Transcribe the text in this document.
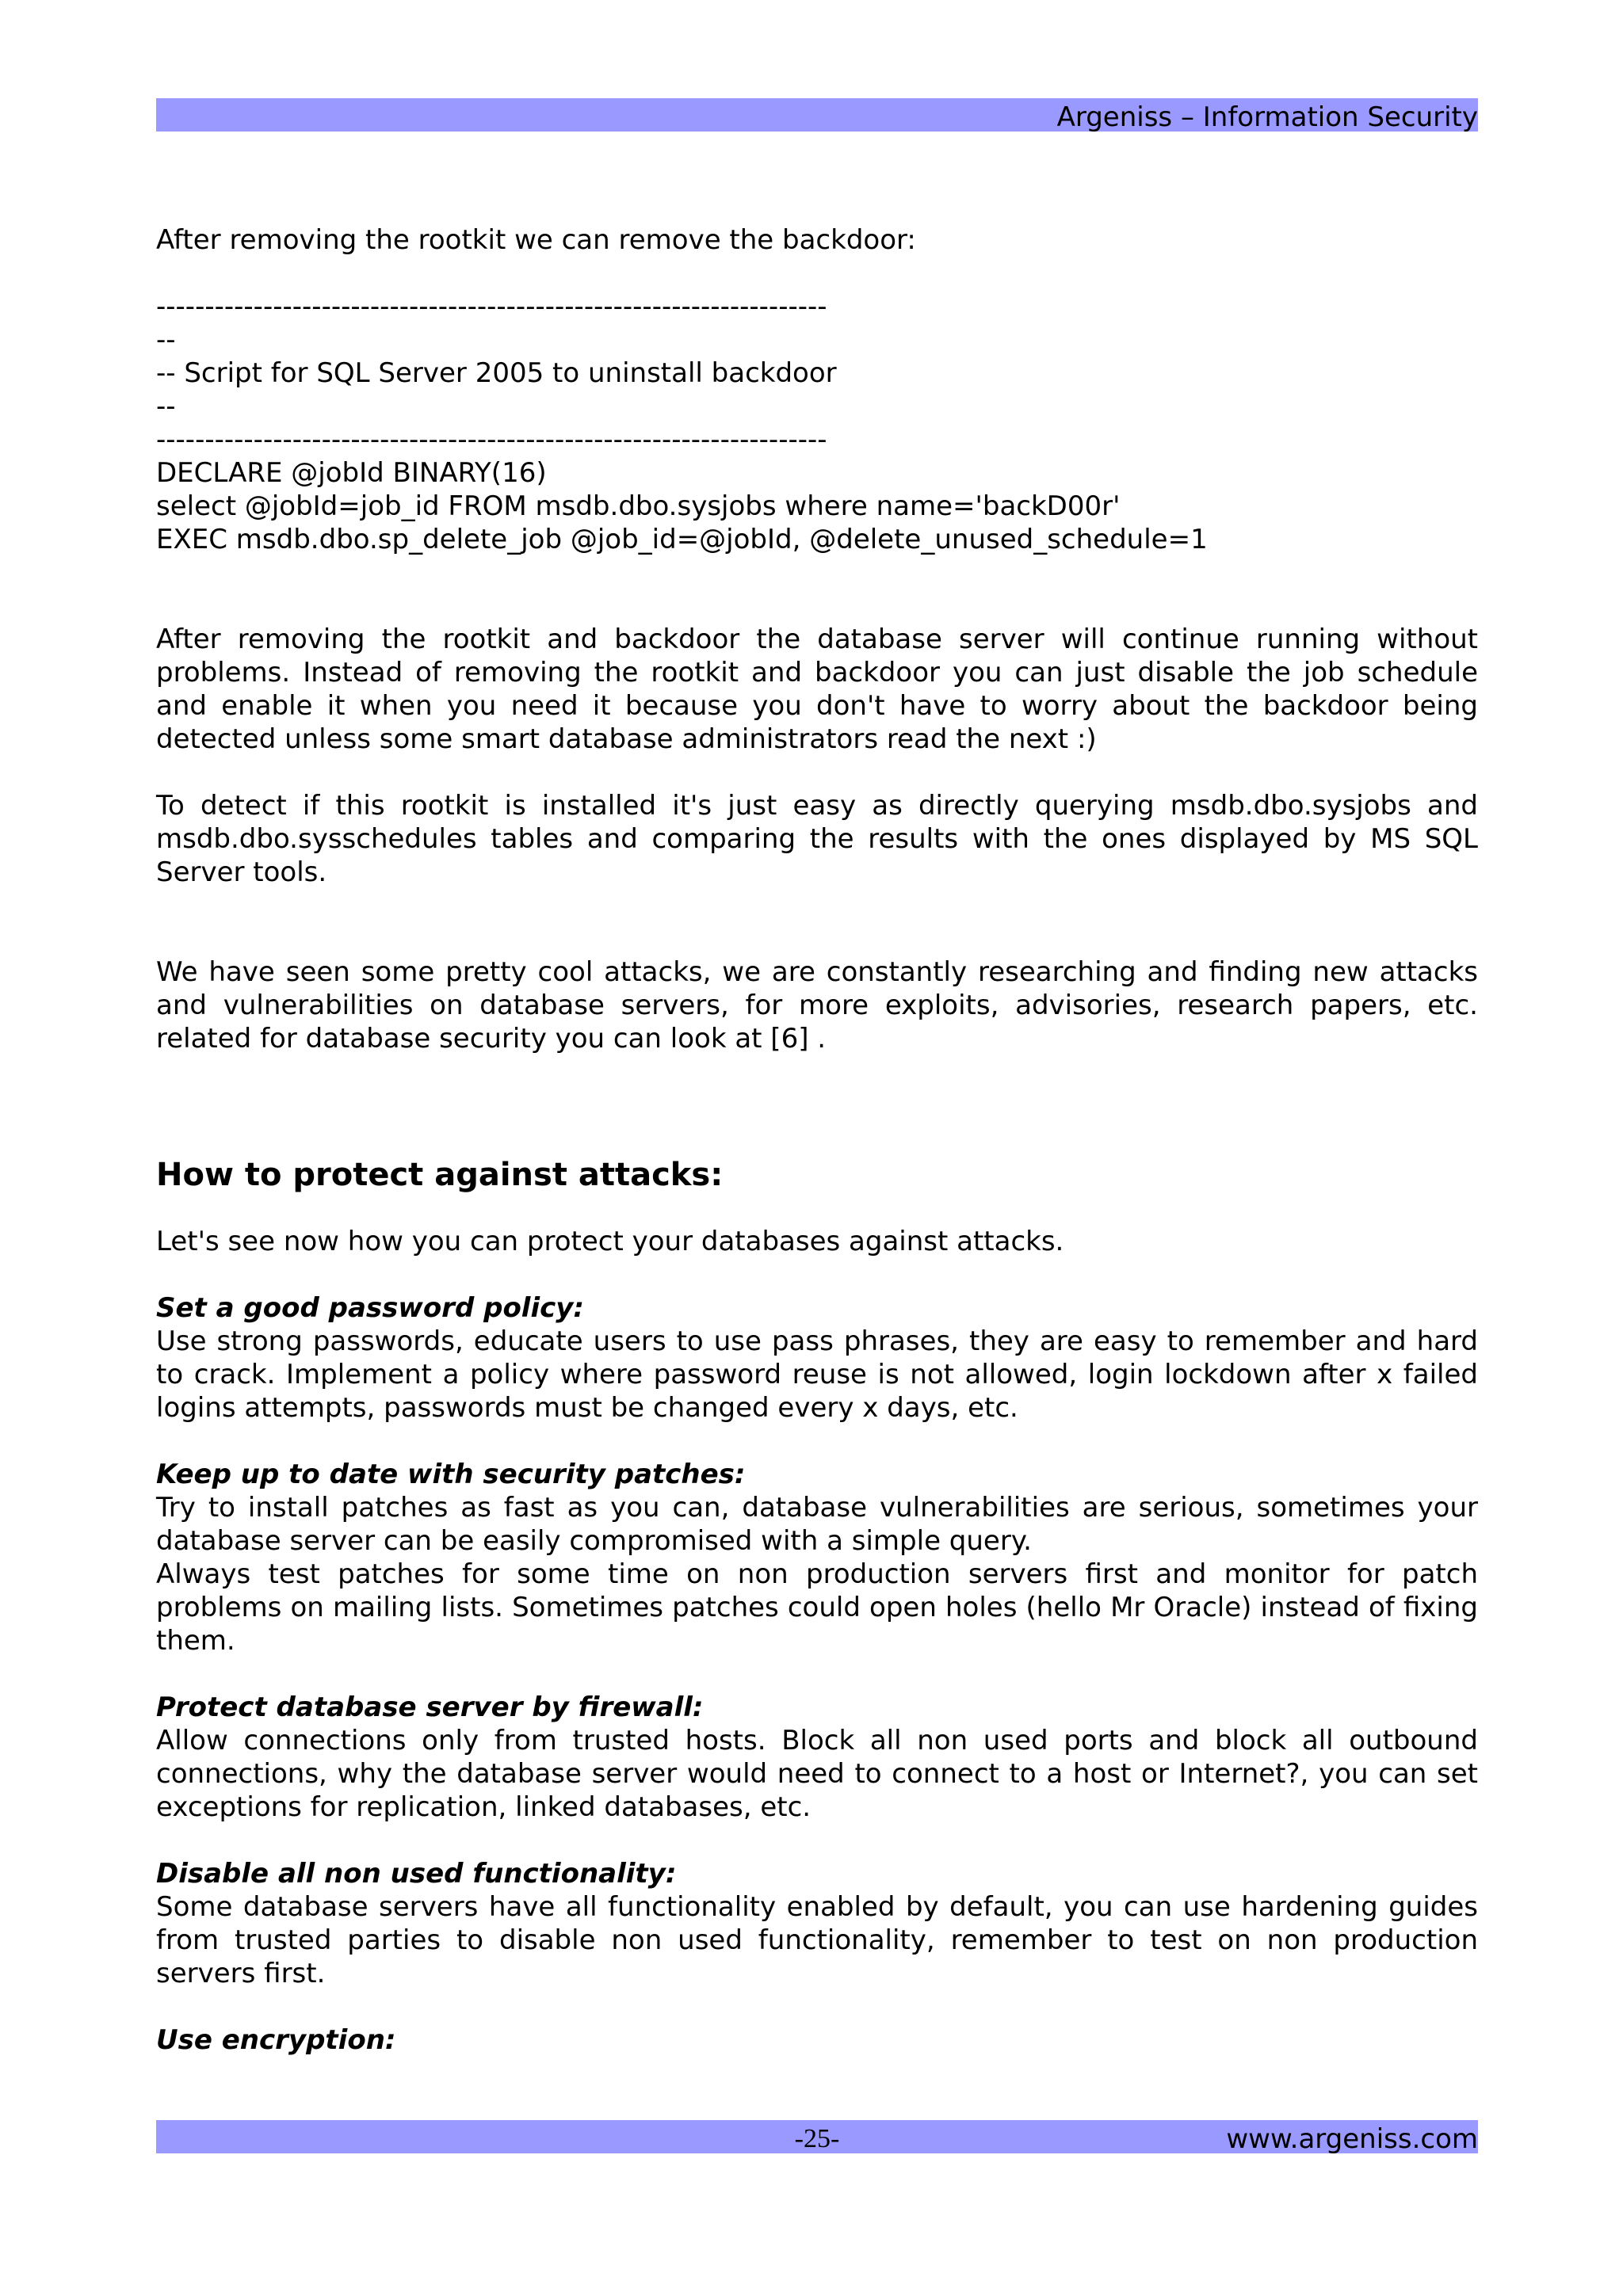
Argeniss – Information Security

After removing the rootkit we can remove the backdoor:

---------------------------------------------------------------------

--

-- Script for SQL Server 2005 to uninstall backdoor

--

---------------------------------------------------------------------

DECLARE @jobId BINARY(16)

select @jobId=job_id FROM msdb.dbo.sysjobs where name='backD00r'

EXEC msdb.dbo.sp_delete_job @job_id=@jobId, @delete_unused_schedule=1

After removing the rootkit and backdoor the database server will continue running without problems. Instead of removing the rootkit and backdoor you can just disable the job schedule and enable it when you need it because you don't have to worry about the backdoor being detected unless some smart database administrators read the next :)

To detect if this rootkit is installed it's just easy as directly querying msdb.dbo.sysjobs and msdb.dbo.sysschedules tables and comparing the results with the ones displayed by MS SQL Server tools.

We have seen some pretty cool attacks, we are constantly researching and finding new attacks and vulnerabilities on database servers, for more exploits, advisories, research papers, etc. related for database security you can look at [6] .

How to protect against attacks:

Let's see now how you can protect your databases against attacks.

Set a good password policy:

Use strong passwords, educate users to use pass phrases, they are easy to remember and hard to crack. Implement a policy where password reuse is not allowed, login lockdown after x failed logins attempts, passwords must be changed every x days, etc.

Keep up to date with security patches:

Try to install patches as fast as you can, database vulnerabilities are serious, sometimes your database server can be easily compromised with a simple query.

Always test patches for some time on non production servers first and monitor for patch problems on mailing lists. Sometimes patches could open holes (hello Mr Oracle) instead of fixing them.

Protect database server by firewall:

Allow connections only from trusted hosts. Block all non used ports and block all outbound connections, why the database server would need to connect to a host or Internet?, you can set exceptions for replication, linked databases, etc.

Disable all non used functionality:

Some database servers have all functionality enabled by default, you can use hardening guides from trusted parties to disable non used functionality, remember to test on non production servers first.

Use encryption:

-25-	www.argeniss.com
